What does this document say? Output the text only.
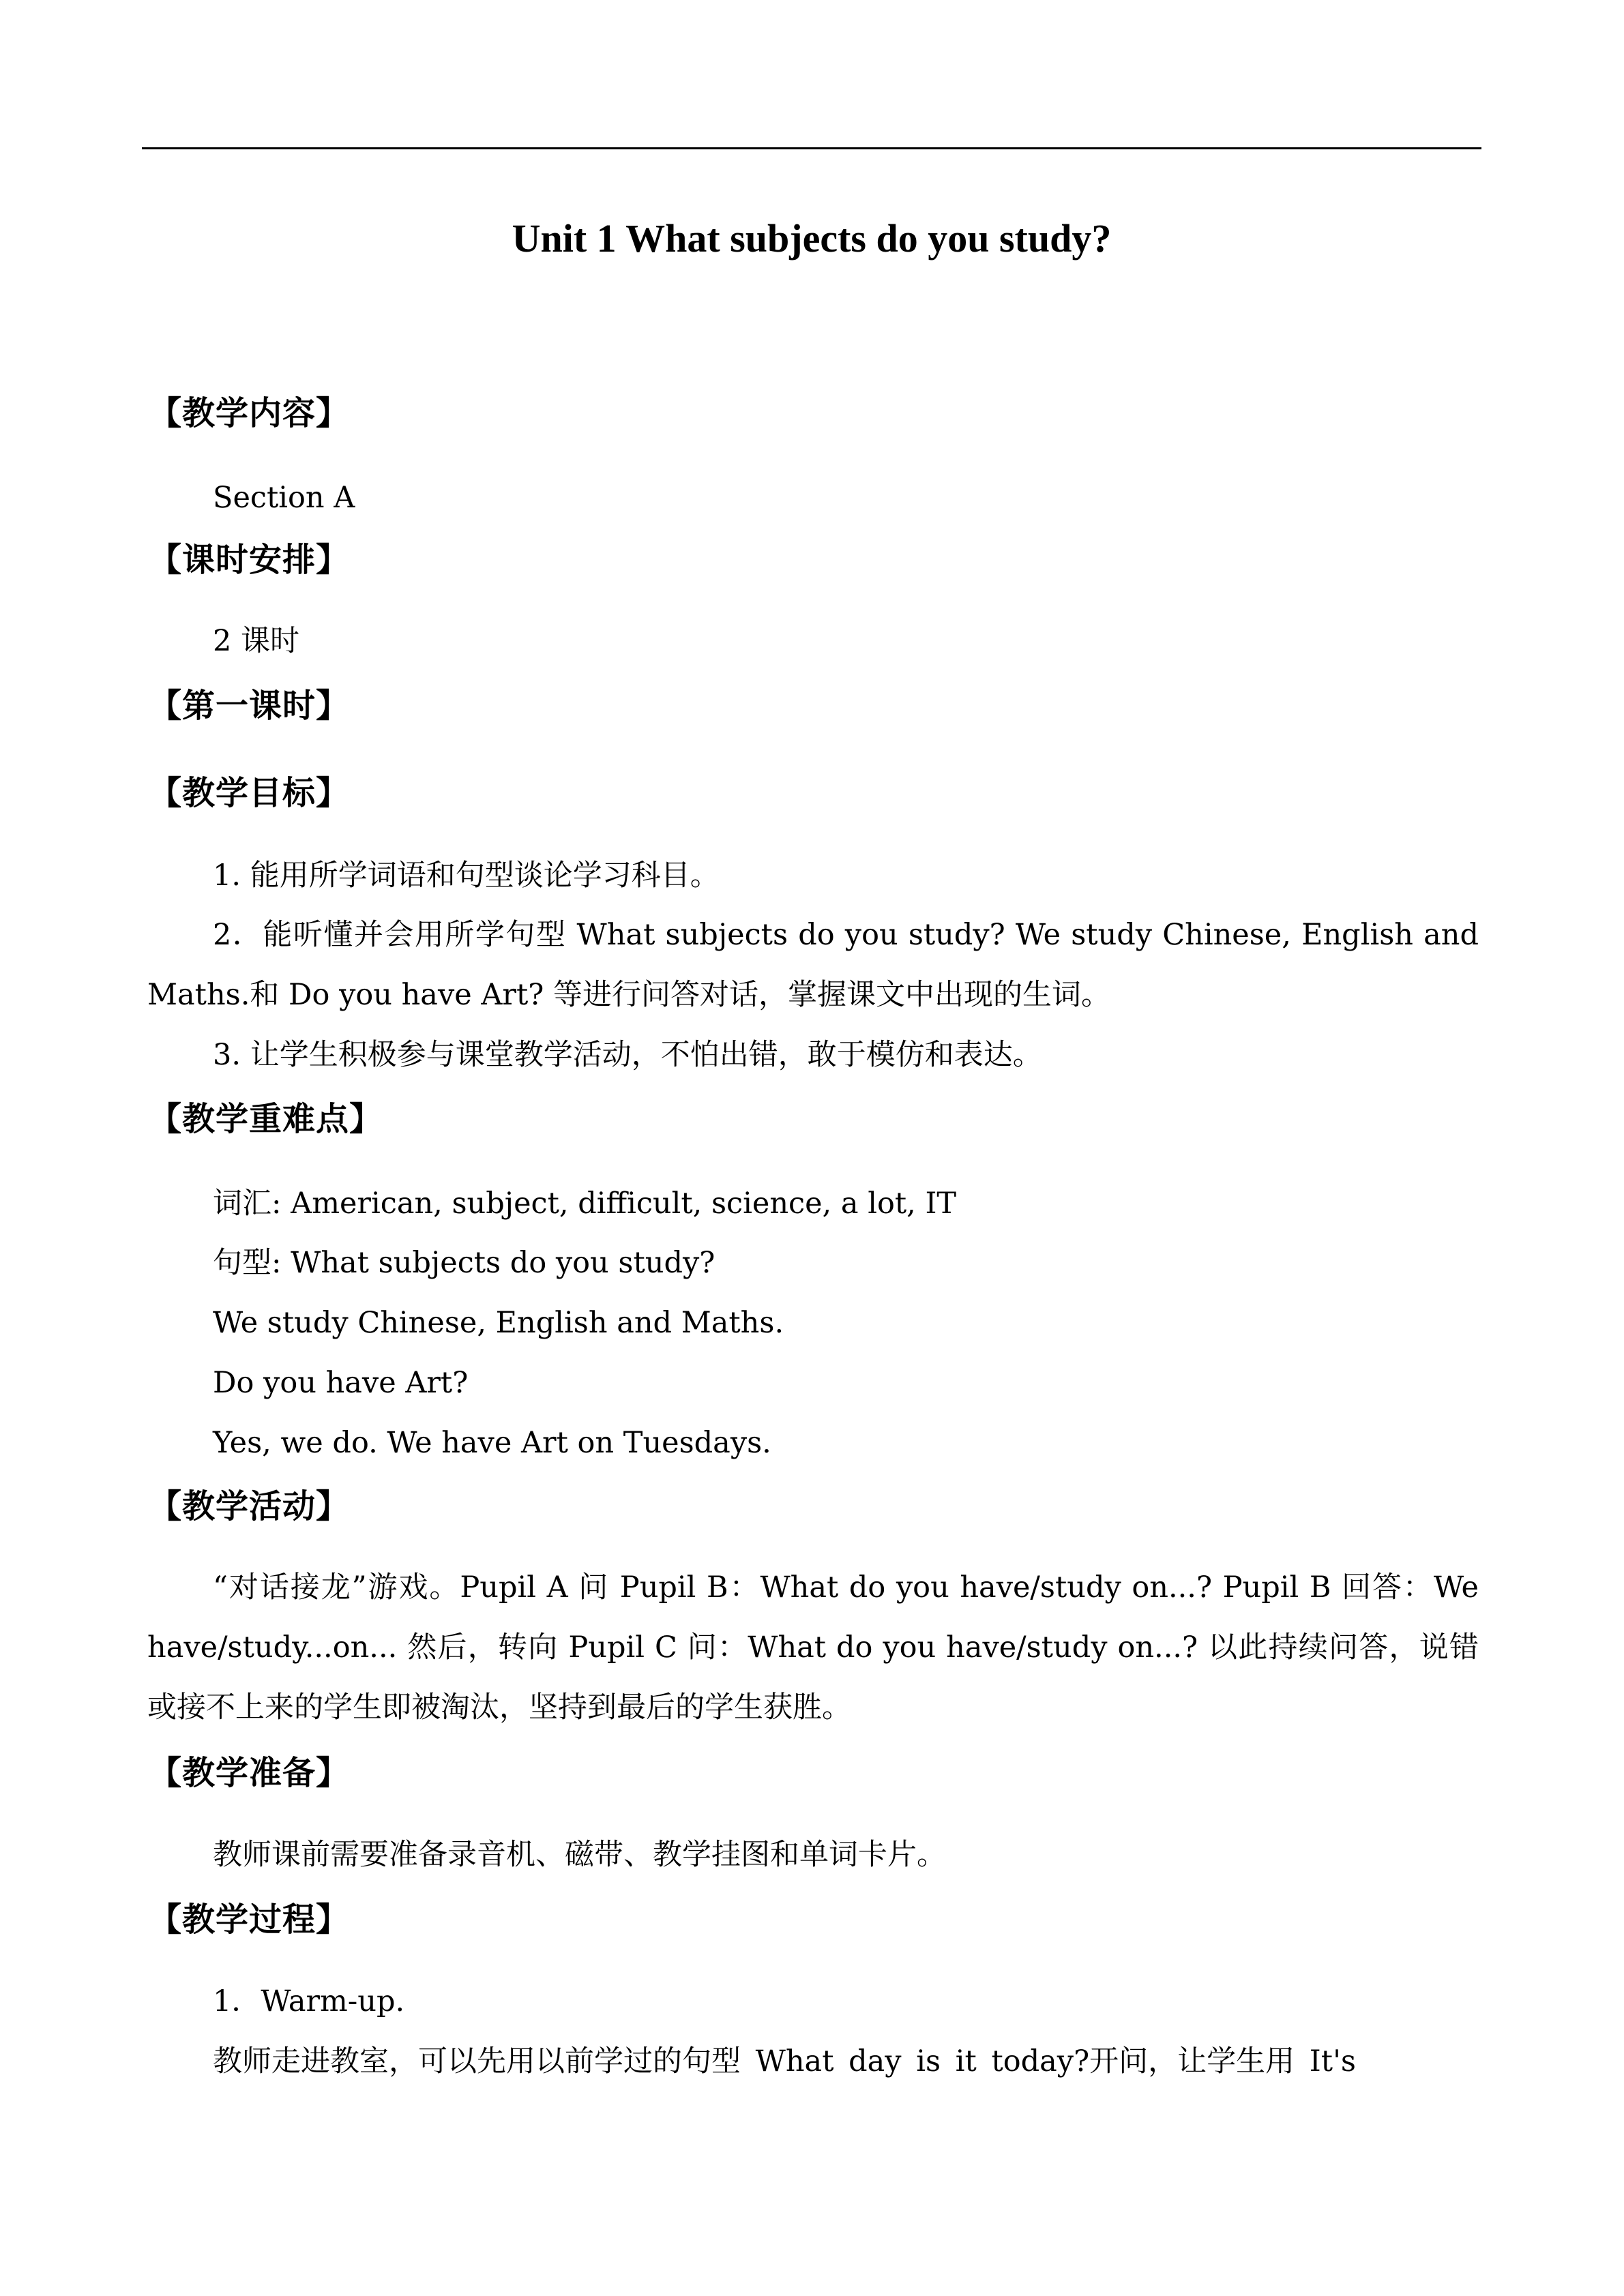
Unit 1 What subjects do you study?
【教学内容】
Section A
【课时安排】
2 课时
【第一课时】
【教学目标】
1. 能用所学词语和句型谈论学习科目。
2．能听懂并会用所学句型 What subjects do you study? We study Chinese, English and Maths.和 Do you have Art? 等进行问答对话，掌握课文中出现的生词。
3. 让学生积极参与课堂教学活动，不怕出错，敢于模仿和表达。
【教学重难点】
词汇: American, subject, difficult, science, a lot, IT
句型: What subjects do you study?
We study Chinese, English and Maths.
Do you have Art?
Yes, we do. We have Art on Tuesdays.
【教学活动】
“对话接龙”游戏。Pupil A 问 Pupil B：What do you have/study on...? Pupil B 回答：We have/study...on... 然后，转向 Pupil C 问：What do you have/study on...? 以此持续问答，说错或接不上来的学生即被淘汰，坚持到最后的学生获胜。
【教学准备】
教师课前需要准备录音机、磁带、教学挂图和单词卡片。
【教学过程】
1．Warm-up.
教师走进教室，可以先用以前学过的句型 What day is it today?开问，让学生用 It's
